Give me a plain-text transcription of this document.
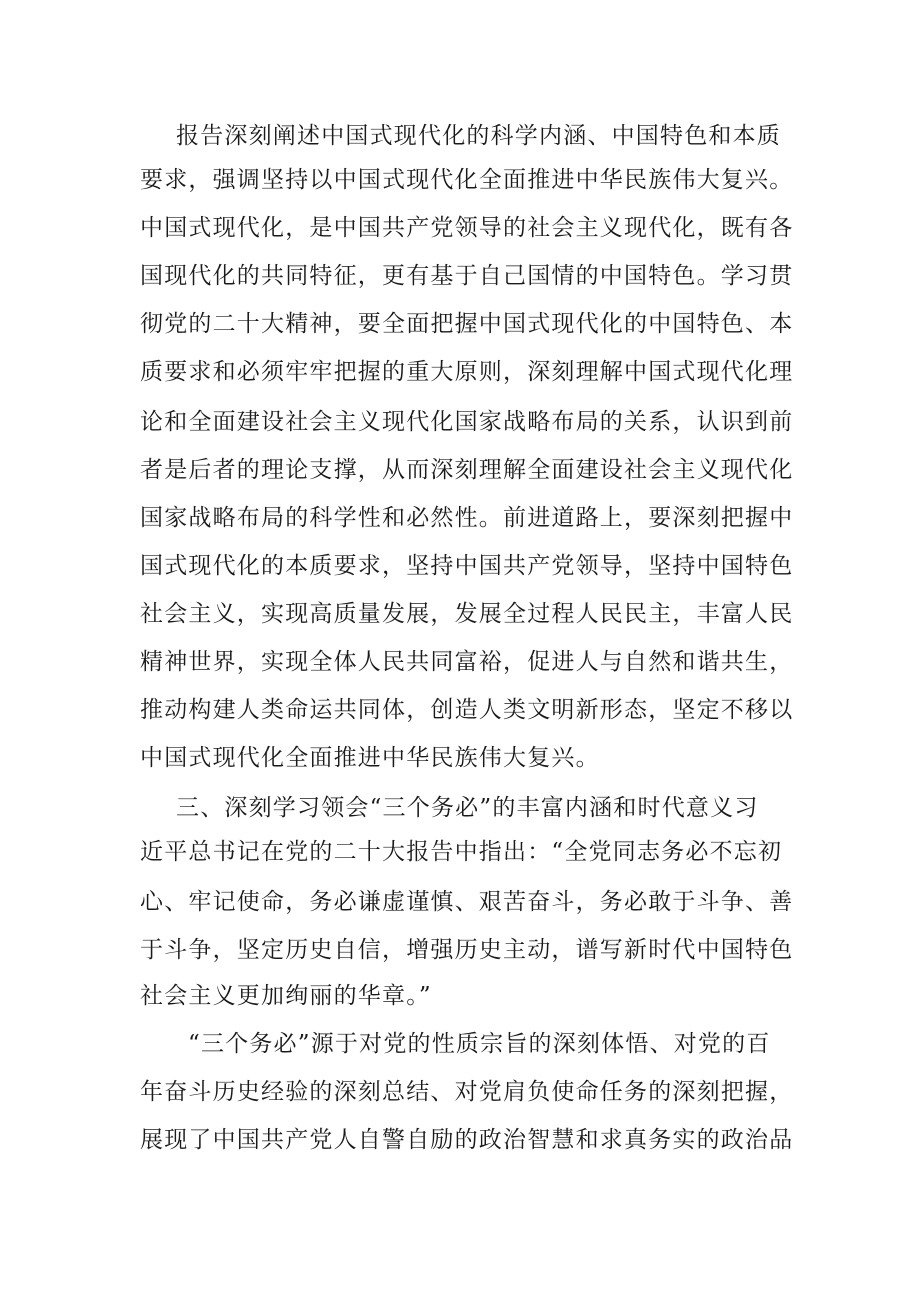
报告深刻阐述中国式现代化的科学内涵、中国特色和本质

要求，强调坚持以中国式现代化全面推进中华民族伟大复兴。

中国式现代化，是中国共产党领导的社会主义现代化，既有各

国现代化的共同特征，更有基于自己国情的中国特色。学习贯

彻党的二十大精神，要全面把握中国式现代化的中国特色、本

质要求和必须牢牢把握的重大原则，深刻理解中国式现代化理

论和全面建设社会主义现代化国家战略布局的关系，认识到前

者是后者的理论支撑，从而深刻理解全面建设社会主义现代化

国家战略布局的科学性和必然性。前进道路上，要深刻把握中

国式现代化的本质要求，坚持中国共产党领导，坚持中国特色

社会主义，实现高质量发展，发展全过程人民民主，丰富人民

精神世界，实现全体人民共同富裕，促进人与自然和谐共生，

推动构建人类命运共同体，创造人类文明新形态，坚定不移以

中国式现代化全面推进中华民族伟大复兴。

三、深刻学习领会“三个务必”的丰富内涵和时代意义习

近平总书记在党的二十大报告中指出：“全党同志务必不忘初

心、牢记使命，务必谦虚谨慎、艰苦奋斗，务必敢于斗争、善

于斗争，坚定历史自信，增强历史主动，谱写新时代中国特色

社会主义更加绚丽的华章。”

“三个务必”源于对党的性质宗旨的深刻体悟、对党的百

年奋斗历史经验的深刻总结、对党肩负使命任务的深刻把握，

展现了中国共产党人自警自励的政治智慧和求真务实的政治品
